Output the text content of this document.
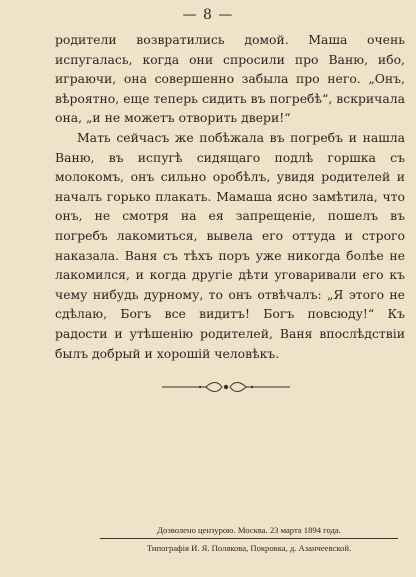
— 8 —

родители возвратились домой. Маша очень испугалась, когда они спросили про Ваню, ибо, играючи, она совершенно забыла про него. „Онъ, вѣроятно, еще теперь сидить въ погребѣ“, вскричала она, „и не можетъ отворить двери!“

Мать сейчасъ же побѣжала въ погребъ и нашла Ваню, въ испугѣ сидящаго подлѣ горшка съ молокомъ, онъ сильно оробѣлъ, увидя родителей и началъ горько плакать. Мамаша ясно замѣтила, что онъ, не смотря на ея запрещеніе, пошелъ въ погребъ лакомиться, вывела его оттуда и строго наказала. Ваня съ тѣхъ поръ уже никогда болѣе не лакомился, и когда другіе дѣти уговаривали его къ чему нибудь дурному, то онъ отвѣчалъ: „Я этого не сдѣлаю, Богъ все видитъ! Богъ повсюду!“ Къ радости и утѣшенію родителей, Ваня впослѣдствіи былъ добрый и хорошій человѣкъ.

Дозволено цензурою. Москва. 23 марта 1894 года.
Типографія И. Я. Полякова, Покровка, д. Азанчеевской.
